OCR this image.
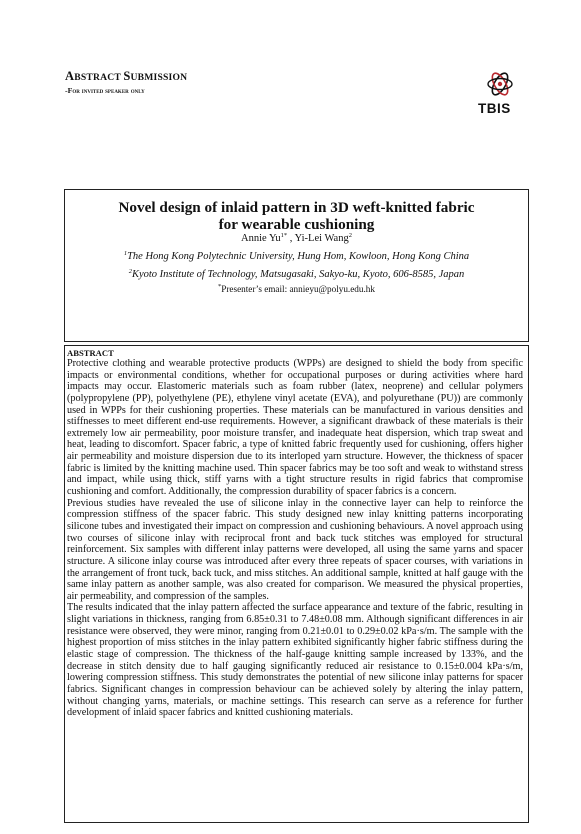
ABSTRACT SUBMISSION
-For invited speaker only
TBIS
Novel design of inlaid pattern in 3D weft-knitted fabric
for wearable cushioning
Annie $Yu^{1*}$ , Yi-Lei Wang$^2$
$^1$The Hong Kong Polytechnic University, Hung Hom, Kowloon, Hong Kong China
$^2$Kyoto Institute of Technology, Matsugasaki, Sakyo-ku, Kyoto, 606-8585, Japan
*Presenter’s email: annieyu@polyu.edu.hk
ABSTRACT

Protective clothing and wearable protective products (WPPs) are designed to shield the body from specific impacts or environmental conditions, whether for occupational purposes or during activities where hard impacts may occur. Elastomeric materials such as foam rubber (latex, neoprene) and cellular polymers (polypropylene (PP), polyethylene (PE), ethylene vinyl acetate (EVA), and polyurethane (PU)) are commonly used in WPPs for their cushioning properties. These materials can be manufactured in various densities and stiffnesses to meet different end-use requirements. However, a significant drawback of these materials is their extremely low air permeability, poor moisture transfer, and inadequate heat dispersion, which trap sweat and heat, leading to discomfort. Spacer fabric, a type of knitted fabric frequently used for cushioning, offers higher air permeability and moisture dispersion due to its interloped yarn structure. However, the thickness of spacer fabric is limited by the knitting machine used. Thin spacer fabrics may be too soft and weak to withstand stress and impact, while using thick, stiff yarns with a tight structure results in rigid fabrics that compromise cushioning and comfort. Additionally, the compression durability of spacer fabrics is a concern.

Previous studies have revealed the use of silicone inlay in the connective layer can help to reinforce the compression stiffness of the spacer fabric. This study designed new inlay knitting patterns incorporating silicone tubes and investigated their impact on compression and cushioning behaviours. A novel approach using two courses of silicone inlay with reciprocal front and back tuck stitches was employed for structural reinforcement. Six samples with different inlay patterns were developed, all using the same yarns and spacer structure. A silicone inlay course was introduced after every three repeats of spacer courses, with variations in the arrangement of front tuck, back tuck, and miss stitches. An additional sample, knitted at half gauge with the same inlay pattern as another sample, was also created for comparison. We measured the physical properties, air permeability, and compression of the samples.

The results indicated that the inlay pattern affected the surface appearance and texture of the fabric, resulting in slight variations in thickness, ranging from 6.85±0.31 to 7.48±0.08 mm. Although significant differences in air resistance were observed, they were minor, ranging from 0.21±0.01 to 0.29±0.02 kPa·s/m. The sample with the highest proportion of miss stitches in the inlay pattern exhibited significantly higher fabric stiffness during the elastic stage of compression. The thickness of the half-gauge knitting sample increased by 133%, and the decrease in stitch density due to half gauging significantly reduced air resistance to 0.15±0.004 kPa·s/m, lowering compression stiffness. This study demonstrates the potential of new silicone inlay patterns for spacer fabrics. Significant changes in compression behaviour can be achieved solely by altering the inlay pattern, without changing yarns, materials, or machine settings. This research can serve as a reference for further development of inlaid spacer fabrics and knitted cushioning materials.
